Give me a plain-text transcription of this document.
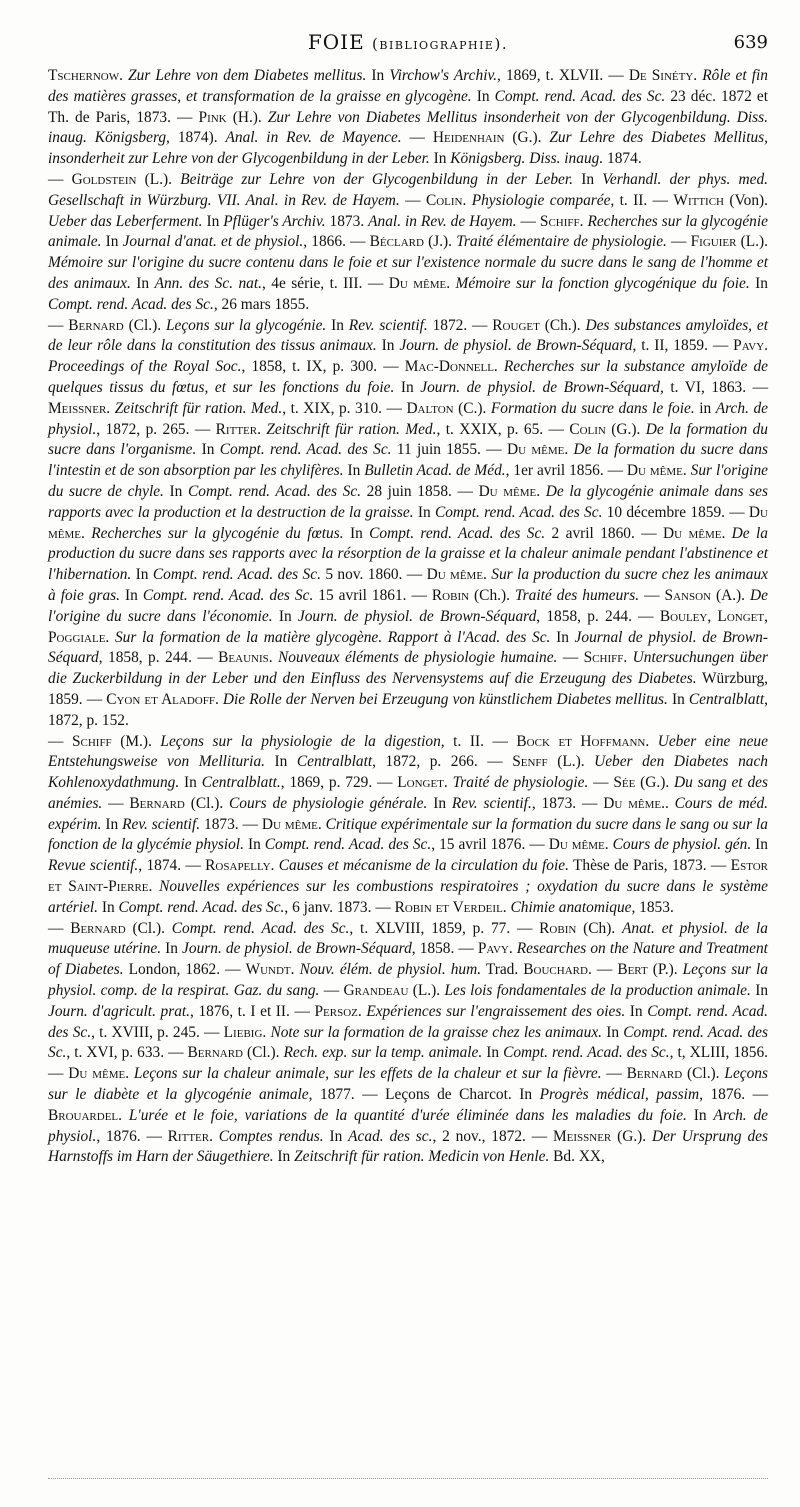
FOIE (bibliographie).	639

Tschernow. Zur Lehre von dem Diabetes mellitus. In Virchow's Archiv., 1869, t. XLVII. — De Sinéty. Rôle et fin des matières grasses, et transformation de la graisse en glycogène. In Compt. rend. Acad. des Sc. 23 déc. 1872 et Th. de Paris, 1873. — Pink (H.). Zur Lehre von Diabetes Mellitus insonderheit von der Glycogenbildung. Diss. inaug. Königsberg, 1874). Anal. in Rev. de Mayence. — Heidenhain (G.). Zur Lehre des Diabetes Mellitus, insonderheit zur Lehre von der Glycogenbildung in der Leber. In Königsberg. Diss. inaug. 1874.

— Goldstein (L.). Beiträge zur Lehre von der Glycogenbildung in der Leber. In Verhandl. der phys. med. Gesellschaft in Würzburg. VII. Anal. in Rev. de Hayem. — Colin. Physiologie comparée, t. II. — Wittich (Von). Ueber das Leberferment. In Pflüger's Archiv. 1873. Anal. in Rev. de Hayem. — Schiff. Recherches sur la glycogénie animale. In Journal d'anat. et de physiol., 1866. — Béclard (J.). Traité élémentaire de physiologie. — Figuier (L.). Mémoire sur l'origine du sucre contenu dans le foie et sur l'existence normale du sucre dans le sang de l'homme et des animaux. In Ann. des Sc. nat., 4e série, t. III. — Du même. Mémoire sur la fonction glycogénique du foie. In Compt. rend. Acad. des Sc., 26 mars 1855.

— Bernard (Cl.). Leçons sur la glycogénie. In Rev. scientif. 1872. — Rouget (Ch.). Des substances amyloïdes, et de leur rôle dans la constitution des tissus animaux. In Journ. de physiol. de Brown-Séquard, t. II, 1859. — Pavy. Proceedings of the Royal Soc., 1858, t. IX, p. 300. — Mac-Donnell. Recherches sur la substance amyloïde de quelques tissus du fœtus, et sur les fonctions du foie. In Journ. de physiol. de Brown-Séquard, t. VI, 1863. — Meissner. Zeitschrift für ration. Med., t. XIX, p. 310. — Dalton (C.). Formation du sucre dans le foie. in Arch. de physiol., 1872, p. 265. — Ritter. Zeitschrift für ration. Med., t. XXIX, p. 65. — Colin (G.). De la formation du sucre dans l'organisme. In Compt. rend. Acad. des Sc. 11 juin 1855. — Du même. De la formation du sucre dans l'intestin et de son absorption par les chylifères. In Bulletin Acad. de Méd., 1er avril 1856. — Du même. Sur l'origine du sucre de chyle. In Compt. rend. Acad. des Sc. 28 juin 1858. — Du même. De la glycogénie animale dans ses rapports avec la production et la destruction de la graisse. In Compt. rend. Acad. des Sc. 10 décembre 1859. — Du même. Recherches sur la glycogénie du fœtus. In Compt. rend. Acad. des Sc. 2 avril 1860. — Du même. De la production du sucre dans ses rapports avec la résorption de la graisse et la chaleur animale pendant l'abstinence et l'hibernation. In Compt. rend. Acad. des Sc. 5 nov. 1860. — Du même. Sur la production du sucre chez les animaux à foie gras. In Compt. rend. Acad. des Sc. 15 avril 1861. — Robin (Ch.). Traité des humeurs. — Sanson (A.). De l'origine du sucre dans l'économie. In Journ. de physiol. de Brown-Séquard, 1858, p. 244. — Bouley, Longet, Poggiale. Sur la formation de la matière glycogène. Rapport à l'Acad. des Sc. In Journal de physiol. de Brown-Séquard, 1858, p. 244. — Beaunis. Nouveaux éléments de physiologie humaine. — Schiff. Untersuchungen über die Zuckerbildung in der Leber und den Einfluss des Nervensystems auf die Erzeugung des Diabetes. Würzburg, 1859. — Cyon et Aladoff. Die Rolle der Nerven bei Erzeugung von künstlichem Diabetes mellitus. In Centralblatt, 1872, p. 152.

— Schiff (M.). Leçons sur la physiologie de la digestion, t. II. — Bock et Hoffmann. Ueber eine neue Entstehungsweise von Mellituria. In Centralblatt, 1872, p. 266. — Senff (L.). Ueber den Diabetes nach Kohlenoxydathmung. In Centralblatt., 1869, p. 729. — Longet. Traité de physiologie. — Sée (G.). Du sang et des anémies. — Bernard (Cl.). Cours de physiologie générale. In Rev. scientif., 1873. — Du même.. Cours de méd. expérim. In Rev. scientif. 1873. — Du même. Critique expérimentale sur la formation du sucre dans le sang ou sur la fonction de la glycémie physiol. In Compt. rend. Acad. des Sc., 15 avril 1876. — Du même. Cours de physiol. gén. In Revue scientif., 1874. — Rosapelly. Causes et mécanisme de la circulation du foie. Thèse de Paris, 1873. — Estor et Saint-Pierre. Nouvelles expériences sur les combustions respiratoires ; oxydation du sucre dans le système artériel. In Compt. rend. Acad. des Sc., 6 janv. 1873. — Robin et Verdeil. Chimie anatomique, 1853.

— Bernard (Cl.). Compt. rend. Acad. des Sc., t. XLVIII, 1859, p. 77. — Robin (Ch). Anat. et physiol. de la muqueuse utérine. In Journ. de physiol. de Brown-Séquard, 1858. — Pavy. Researches on the Nature and Treatment of Diabetes. London, 1862. — Wundt. Nouv. élém. de physiol. hum. Trad. Bouchard. — Bert (P.). Leçons sur la physiol. comp. de la respirat. Gaz. du sang. — Grandeau (L.). Les lois fondamentales de la production animale. In Journ. d'agricult. prat., 1876, t. I et II. — Persoz. Expériences sur l'engraissement des oies. In Compt. rend. Acad. des Sc., t. XVIII, p. 245. — Liebig. Note sur la formation de la graisse chez les animaux. In Compt. rend. Acad. des Sc., t. XVI, p. 633. — Bernard (Cl.). Rech. exp. sur la temp. animale. In Compt. rend. Acad. des Sc., t, XLIII, 1856. — Du même. Leçons sur la chaleur animale, sur les effets de la chaleur et sur la fièvre. — Bernard (Cl.). Leçons sur le diabète et la glycogénie animale, 1877. — Leçons de Charcot. In Progrès médical, passim, 1876. — Brouardel. L'urée et le foie, variations de la quantité d'urée éliminée dans les maladies du foie. In Arch. de physiol., 1876. — Ritter. Comptes rendus. In Acad. des sc., 2 nov., 1872. — Meissner (G.). Der Ursprung des Harnstoffs im Harn der Säugethiere. In Zeitschrift für ration. Medicin von Henle. Bd. XX,
